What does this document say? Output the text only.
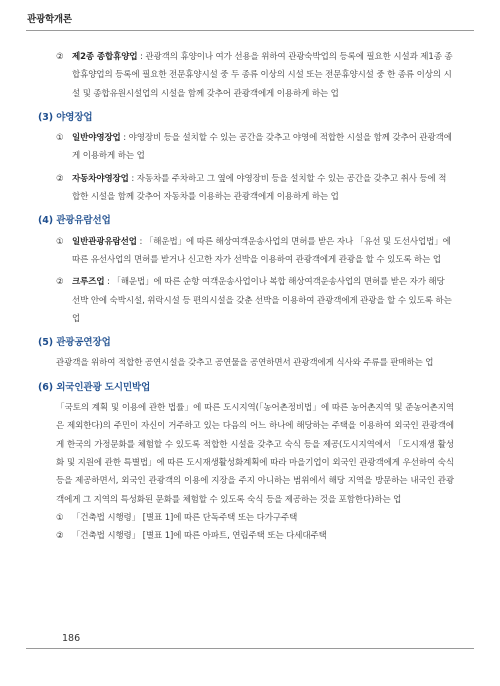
관광학개론
② 제2종 종합휴양업 : 관광객의 휴양이나 여가 선용을 위하여 관광숙박업의 등록에 필요한 시설과 제1종 종합휴양업의 등록에 필요한 전문휴양시설 중 두 종류 이상의 시설 또는 전문휴양시설 중 한 종류 이상의 시설 및 종합유원시설업의 시설을 함께 갖추어 관광객에게 이용하게 하는 업
(3) 야영장업
① 일반야영장업 : 야영장비 등을 설치할 수 있는 공간을 갖추고 야영에 적합한 시설을 함께 갖추어 관광객에게 이용하게 하는 업
② 자동차야영장업 : 자동차를 주차하고 그 옆에 야영장비 등을 설치할 수 있는 공간을 갖추고 취사 등에 적합한 시설을 함께 갖추어 자동차를 이용하는 관광객에게 이용하게 하는 업
(4) 관광유람선업
① 일반관광유람선업 : 「해운법」에 따른 해상여객운송사업의 면허를 받은 자나 「유선 및 도선사업법」에 따른 유선사업의 면허를 받거나 신고한 자가 선박을 이용하여 관광객에게 관광을 할 수 있도록 하는 업
② 크루즈업 : 「해운법」에 따른 순항 여객운송사업이나 복합 해상여객운송사업의 면허를 받은 자가 해당 선박 안에 숙박시설, 위락시설 등 편의시설을 갖춘 선박을 이용하여 관광객에게 관광을 할 수 있도록 하는 업
(5) 관광공연장업
관광객을 위하여 적합한 공연시설을 갖추고 공연물을 공연하면서 관광객에게 식사와 주류를 판매하는 업
(6) 외국인관광 도시민박업
「국토의 계획 및 이용에 관한 법률」에 따른 도시지역(「농어촌정비법」에 따른 농어촌지역 및 준농어촌지역은 제외한다)의 주민이 자신이 거주하고 있는 다음의 어느 하나에 해당하는 주택을 이용하여 외국인 관광객에게 한국의 가정문화를 체험할 수 있도록 적합한 시설을 갖추고 숙식 등을 제공(도시지역에서 「도시재생 활성화 및 지원에 관한 특별법」에 따른 도시재생활성화계획에 따라 마을기업이 외국인 관광객에게 우선하여 숙식 등을 제공하면서, 외국인 관광객의 이용에 지장을 주지 아니하는 범위에서 해당 지역을 방문하는 내국인 관광객에게 그 지역의 특성화된 문화를 체험할 수 있도록 숙식 등을 제공하는 것을 포함한다)하는 업
① 「건축법 시행령」 [별표 1]에 따른 단독주택 또는 다가구주택
② 「건축법 시행령」 [별표 1]에 따른 아파트, 연립주택 또는 다세대주택
186
